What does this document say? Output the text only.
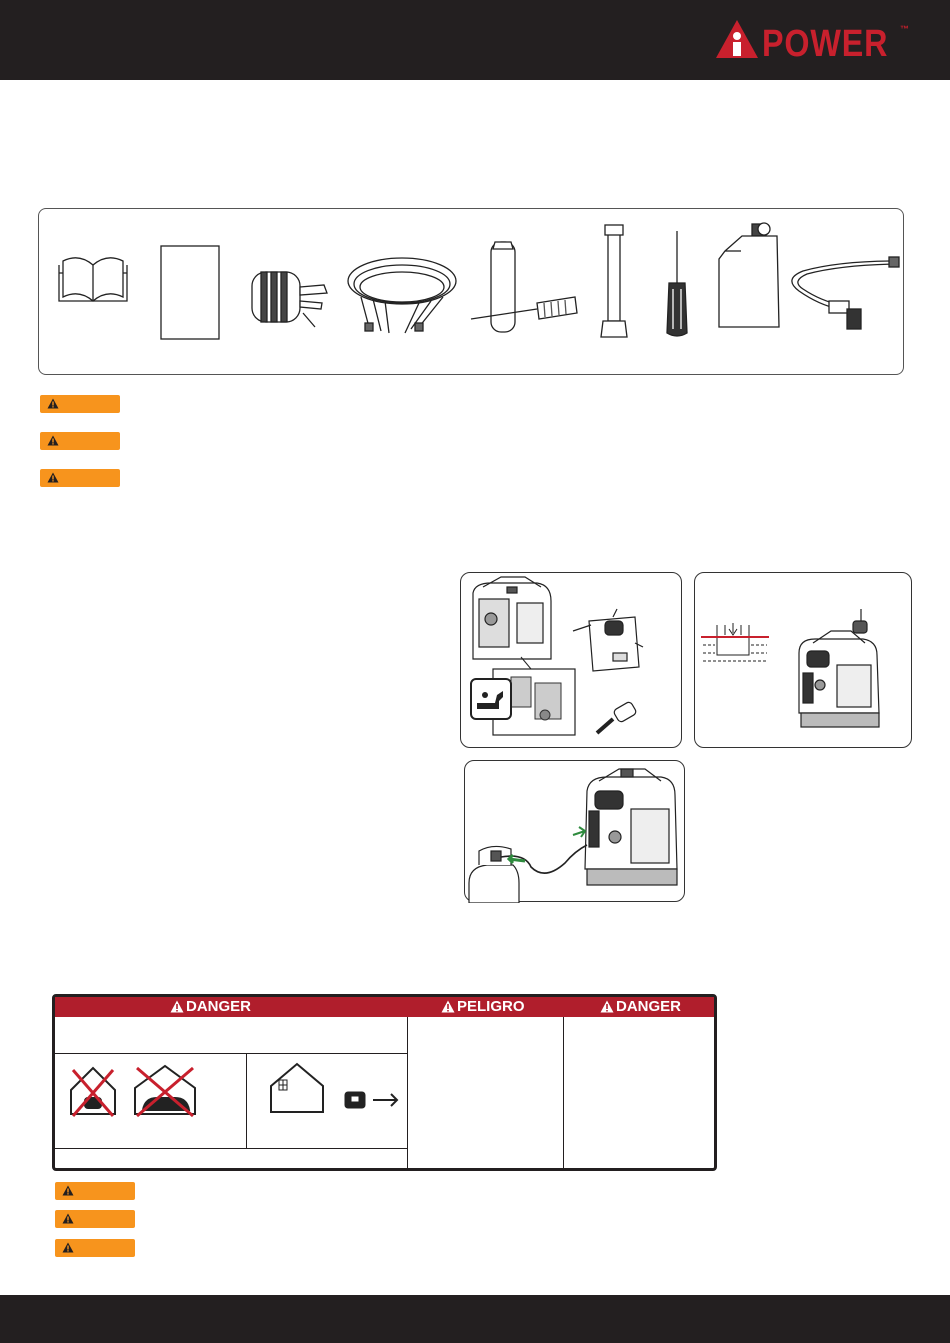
POWER ™
DANGER	PELIGRO	DANGER
